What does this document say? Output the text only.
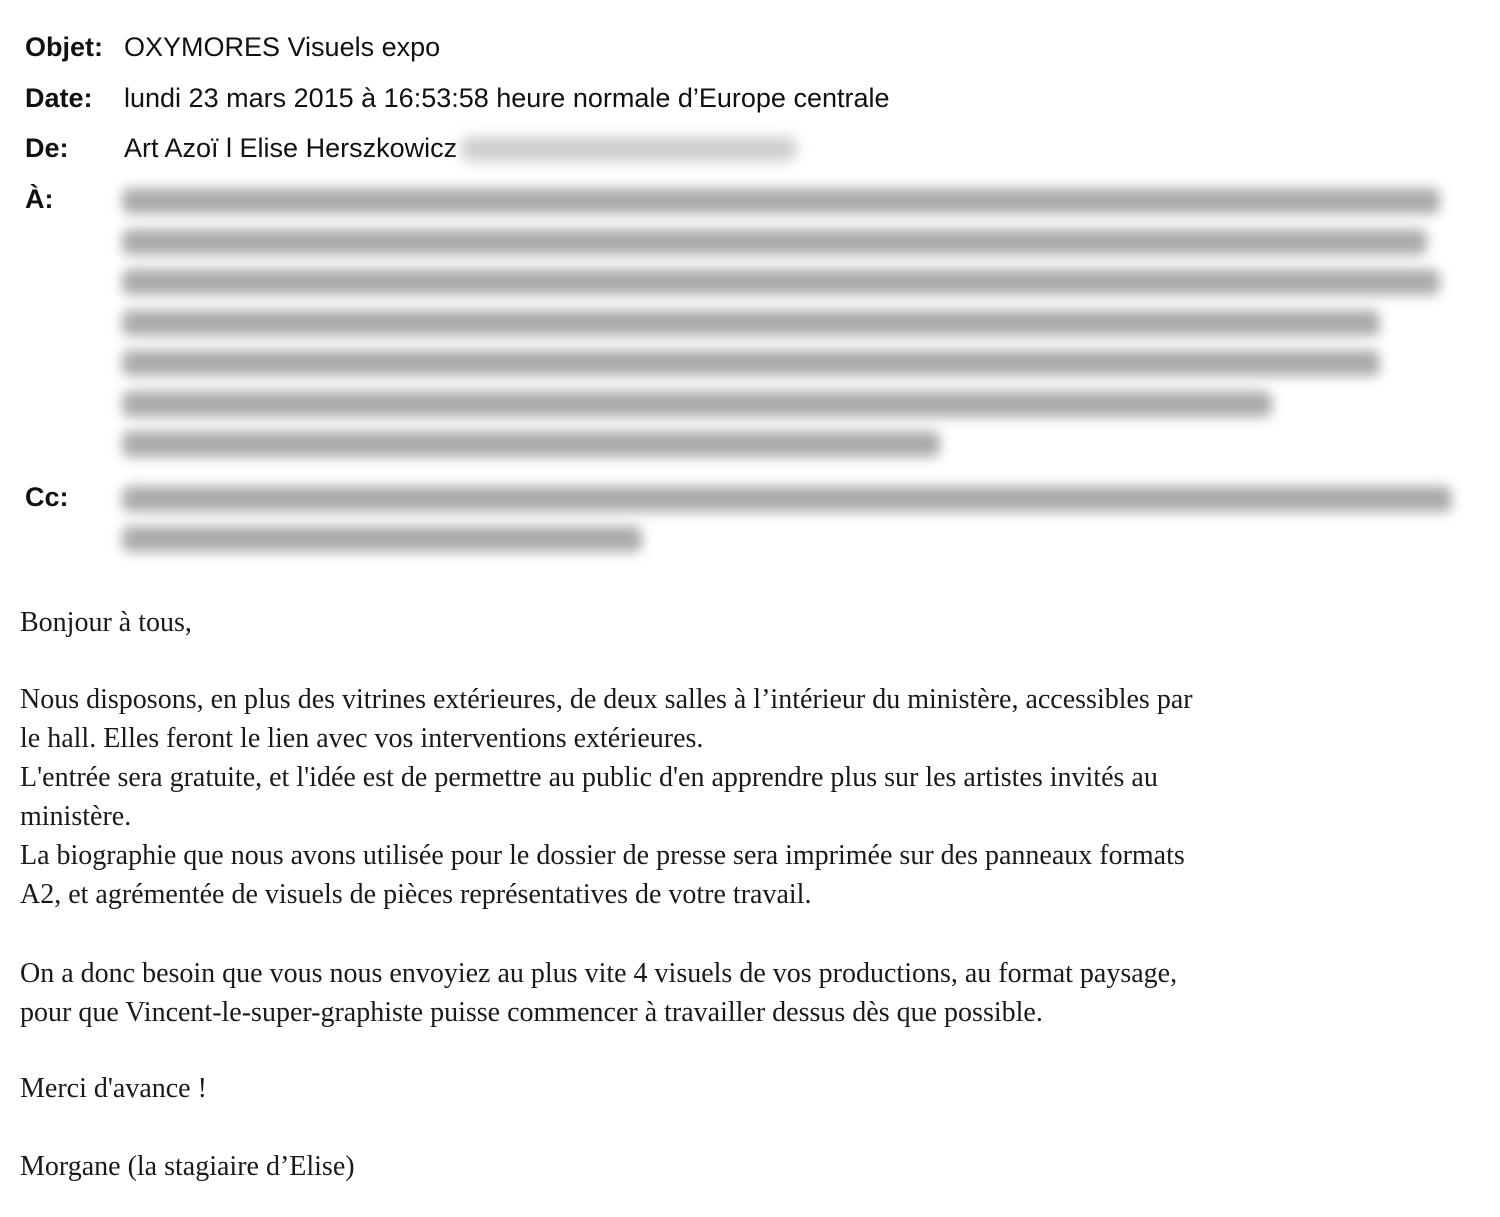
Objet: OXYMORES Visuels expo
Date: lundi 23 mars 2015 à 16:53:58 heure normale d’Europe centrale
De: Art Azoï l Elise Herszkowicz
À:
Cc:
Bonjour à tous,
Nous disposons, en plus des vitrines extérieures, de deux salles à l’intérieur du ministère, accessibles par
le hall. Elles feront le lien avec vos interventions extérieures.
L'entrée sera gratuite, et l'idée est de permettre au public d'en apprendre plus sur les artistes invités au
ministère.
La biographie que nous avons utilisée pour le dossier de presse sera imprimée sur des panneaux formats
A2, et agrémentée de visuels de pièces représentatives de votre travail.
On a donc besoin que vous nous envoyiez au plus vite 4 visuels de vos productions, au format paysage,
pour que Vincent-le-super-graphiste puisse commencer à travailler dessus dès que possible.
Merci d'avance !
Morgane (la stagiaire d’Elise)
